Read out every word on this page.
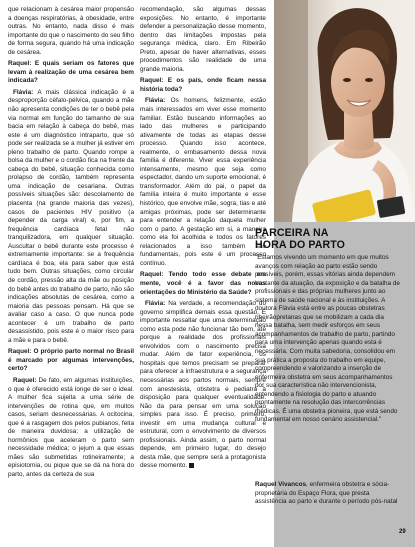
que relacionam à cesárea maior propensão a doenças respiratórias, à obesidade, entre outras. No entanto, nada disso é mais importante do que o nascimento do seu filho de forma segura, quando há uma indicação de cesárea.

Raquel: E quais seriam os fatores que levam à realização de uma cesárea bem indicada?

Flávia: A mais clássica indicação é a desproporção céfalo-pélvica, quando a mãe não apresenta condições de ter o bebê pela via normal em função do tamanho de sua bacia em relação à cabeça do bebê, mas este é um diagnóstico intraparto, que só pode ser realizada se a mulher já estiver em pleno trabalho de parto. Quando rompe a bolsa da mulher e o cordão fica na frente da cabeça do bebê, situação conhecida como prolapso de cordão, também representa uma indicação de cesariana. Outras possíveis situações são: descolamento de placenta (na grande maioria das vezes), casos de pacientes HIV positivo (a depender da carga viral) e, por fim, a frequência cardíaca fetal não tranquilizadora, em qualquer situação. Auscultar o bebê durante este processo é extremamente importante: se a frequência cardíaca é boa, ela para saber que está tudo bem. Outras situações, como circular de cordão, pressão alta da mãe ou posição do bebê antes do trabalho de parto, não são indicações absolutas de cesárea, como a maioria das pessoas pensam. Há que se avaliar caso a caso. O que nunca pode acontecer é um trabalho de parto desassistido, pois este é o maior risco para a mãe e para o bebê.

Raquel: O próprio parto normal no Brasil é marcado por algumas intervenções, certo?

Raquel: De fato, em algumas instituições, o que é oferecido está longe de ser o ideal. A mulher fica sujeita a uma série de intervenções de rotina que, em muitos casos, seriam desnecessárias. A ocitocina, que é a rasgagem dos pelos pubianos, feita de maneira duvidosa; a utilização de hormônios que aceleram o parto sem necessidade médica; o jejum a que essas mães são submetidas rotineiramente; a episiotomia, ou pique que se dá na hora do parto, antes da certeza de sua

recomendação, são algumas dessas exposições. No entanto, é importante defender a personalização desse momento, dentro das limitações impostas pela segurança médica, claro. Em Ribeirão Preto, apesar de haver alternativas, esses procedimentos são realidade de uma grande maioria.

Raquel: E os país, onde ficam nessa história toda?

Flávia: Os homens, felizmente, estão mais interessados em viver esse momento familiar. Estão buscando informações ao lado das mulheres e participando ativamente de todas as etapas desse processo. Quando isso acontece, realmente, o embasamento dessa nova família é diferente. Viver essa experiência intensamente, mesmo que seja como espectador, dando um suporte emocional, é transformador. Além do pai, o papel da família inteira é muito importante e esse histórico, que envolve mãe, sogra, tias e até amigas próximas, pode ser determinante para entender a relação daquela mulher com o parto. A gestação em si, a maneira como ela foi acolhida e todos os fatores relacionados a isso também são fundamentais, pois este é um processo contínuo.

Raquel: Tendo todo esse debate em mente, você é a favor das novas orientações do Ministério da Saúde?

Flávia: Na verdade, a recomendação do governo simplifica demais essa questão. É importante ressaltar que uma determinação como esta pode não funcionar tão bem, até porque a realidade dos profissionais envolvidos com o nascimento precisa mudar. Além de fator experiência, os hospitais que temos precisam se preparar para oferecer a infraestrutura e a segurança necessárias aos partos normais, sempre com anestesista, obstetra e pediatra à disposição para qualquer eventualidade. Não da para pensar em uma solução simples para isso. É preciso, primeiro, investir em uma mudança cultural e estrutural, com o envolvimento de diversos profissionais. Ainda assim, o parto normal depende, em primeiro lugar, do desejo desta mãe, que sempre será a protagonista desse momento.

PARCEIRA NA
HORA DO PARTO

"Estamos vivendo um momento em que muitos avanços com relação ao parto estão sendo possíveis, porém, essas vitórias ainda dependem bastante da atuação, da exposição e da batalha de profissionais e das próprias mulheres junto ao sistema de saúde nacional e às instituições. A doutora Flávia está entre as poucas obstetras ribeirãopretanas que se mobilizam a cada dia nessa batalha, sem medir esforços em seus acompanhamentos de trabalho de parto, partindo para uma intervenção apenas quando esta é necessária. Com muita sabedoria, consolidou em sua prática a proposta do trabalho em equipe, compreendendo e valorizando a inserção de enfermeira obstetra em seus acompanhamentos por sua característica não intervencionista, entendendo a fisiologia do parto e atuando prontamente na resolução das intercorrências médicas. É uma obstetra pioneira, que está sendo fundamental em nosso cenário assistencial."

Raquel Vivancos, enfermeira obstetra e sócia-proprietária do Espaço Flora, que presta assistência ao parto e durante o período pós-natal
29
